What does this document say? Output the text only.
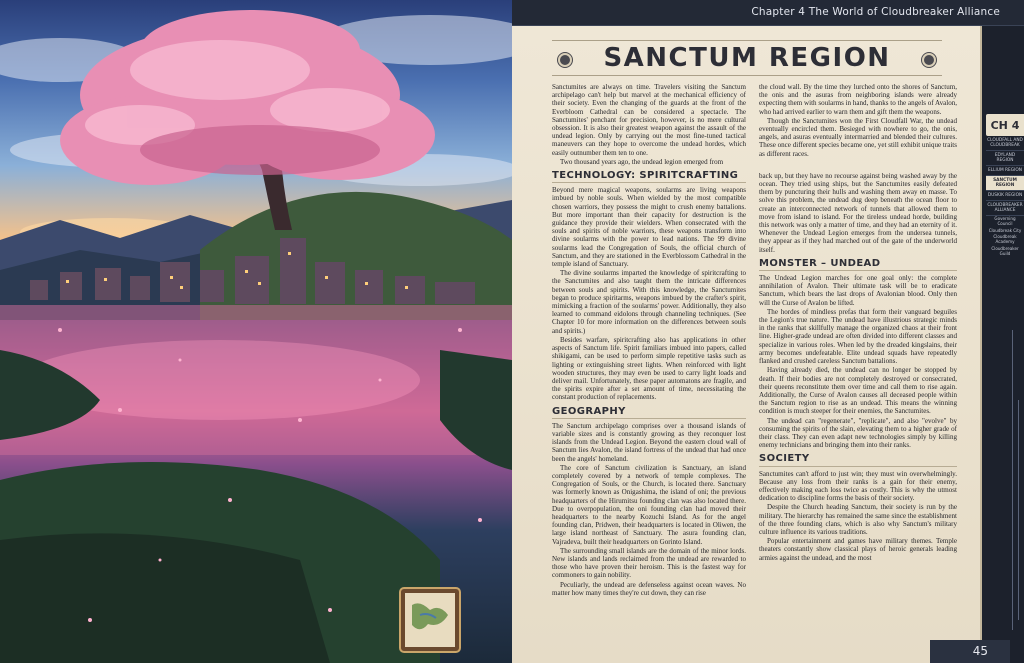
Chapter 4 The World of Cloudbreaker Alliance
SANCTUM REGION

Sanctumites are always on time. Travelers visiting the Sanctum archipelago can't help but marvel at the mechanical efficiency of their society. Even the changing of the guards at the front of the Everbloom Cathedral can be considered a spectacle. The Sanctumites' penchant for precision, however, is no mere cultural obsession. It is also their greatest weapon against the assault of the undead legion. Only by carrying out the most fine-tuned tactical maneuvers can they hope to overcome the undead hordes, which easily outnumber them ten to one.

Two thousand years ago, the undead legion emerged from

TECHNOLOGY: SPIRITCRAFTING

Beyond mere magical weapons, soularms are living weapons imbued by noble souls. When wielded by the most compatible chosen warriors, they possess the might to crush enemy battalions. But more important than their capacity for destruction is the guidance they provide their wielders. When consecrated with the souls and spirits of noble warriors, these weapons transform into divine soularms with the power to lead nations. The 99 divine soularms lead the Congregation of Souls, the official church of Sanctum, and they are stationed in the Everblossom Cathedral in the temple island of Sanctuary.

The divine soularms imparted the knowledge of spiritcrafting to the Sanctumites and also taught them the intricate differences between souls and spirits. With this knowledge, the Sanctumites began to produce spiritarms, weapons imbued by the crafter's spirit, mimicking a fraction of the soularms' power. Additionally, they also learned to command eidolons through channeling techniques. (See Chapter 10 for more information on the differences between souls and spirits.)

Besides warfare, spiritcrafting also has applications in other aspects of Sanctum life. Spirit familiars imbued into papers, called shikigami, can be used to perform simple repetitive tasks such as lighting or extinguishing street lights. When reinforced with light wooden structures, they may even be used to carry light loads and deliver mail. Unfortunately, these paper automatons are fragile, and the spirits expire after a set amount of time, necessitating the constant production of replacements.

GEOGRAPHY

The Sanctum archipelago comprises over a thousand islands of variable sizes and is constantly growing as they reconquer lost islands from the Undead Legion. Beyond the eastern cloud wall of Sanctum lies Avalon, the island fortress of the undead that had once been the angels' homeland.

The core of Sanctum civilization is Sanctuary, an island completely covered by a network of temple complexes. The Congregation of Souls, or the Church, is located there. Sanctuary was formerly known as Onigashima, the island of oni; the previous headquarters of the Hirumitsu founding clan was also located there. Due to overpopulation, the oni founding clan had moved their headquarters to the nearby Kozuchi Island. As for the angel founding clan, Pridwen, their headquarters is located in Oliwen, the large island northeast of Sanctuary. The asura founding clan, Vajradeva, built their headquarters on Gorinto Island.

The surrounding small islands are the domain of the minor lords. New islands and lands reclaimed from the undead are rewarded to those who have proven their heroism. This is the fastest way for commoners to gain nobility.

Peculiarly, the undead are defenseless against ocean waves. No matter how many times they're cut down, they can rise

the cloud wall. By the time they lurched onto the shores of Sanctum, the onis and the asuras from neighboring islands were already expecting them with soularms in hand, thanks to the angels of Avalon, who had arrived earlier to warn them and gift them the weapons.

Though the Sanctumites won the First Cloudfall War, the undead eventually encircled them. Besieged with nowhere to go, the onis, angels, and asuras eventually intermarried and blended their cultures. These once different species became one, yet still exhibit unique traits as different races.

back up, but they have no recourse against being washed away by the ocean. They tried using ships, but the Sanctumites easily defeated them by puncturing their hulls and washing them away en masse. To solve this problem, the undead dug deep beneath the ocean floor to create an interconnected network of tunnels that allowed them to move from island to island. For the tireless undead horde, building this network was only a matter of time, and they had an eternity of it. Whenever the Undead Legion emerges from the undersea tunnels, they appear as if they had marched out of the gate of the underworld itself.

MONSTER – UNDEAD

The Undead Legion marches for one goal only: the complete annihilation of Avalon. Their ultimate task will be to eradicate Sanctum, which bears the last drops of Avalonian blood. Only then will the Curse of Avalon be lifted.

The hordes of mindless prefas that form their vanguard beguiles the Legion's true nature. The undead have illustrious strategic minds in the ranks that skillfully manage the organized chaos at their front line. Higher-grade undead are often divided into different classes and specialize in various roles. When led by the dreaded kingslains, their army becomes undefeatable. Elite undead squads have repeatedly flanked and crushed careless Sanctum battalions.

Having already died, the undead can no longer be stopped by death. If their bodies are not completely destroyed or consecrated, their queens reconstitute them over time and call them to rise again. Additionally, the Curse of Avalon causes all deceased people within the Sanctum region to rise as an undead. This means the winning condition is much steeper for their enemies, the Sanctumites.

The undead can "regenerate", "replicate", and also "evolve" by consuming the spirits of the slain, elevating them to a higher grade of their class. They can even adapt new technologies simply by killing enemy technicians and bringing them into their ranks.

SOCIETY

Sanctumites can't afford to just win; they must win overwhelmingly. Because any loss from their ranks is a gain for their enemy, effectively making each loss twice as costly. This is why the utmost dedication to discipline forms the basis of their society.

Despite the Church heading Sanctum, their society is run by the military. The hierarchy has remained the same since the establishment of the three founding clans, which is also why Sanctum's military culture influence its various traditions.

Popular entertainment and games have military themes. Temple theaters constantly show classical plays of heroic generals leading armies against the undead, and the most

CH 4
CLOUDFALL AND CLOUDBREAK
EDYLAND REGION
ELLIUM REGION
SANCTUM REGION
DUSKIK REGION
CLOUDBREAKER ALLIANCE
Governing Council
Cloudbreak City
Cloudbreak Academy
Cloudbreaker Guild
45
